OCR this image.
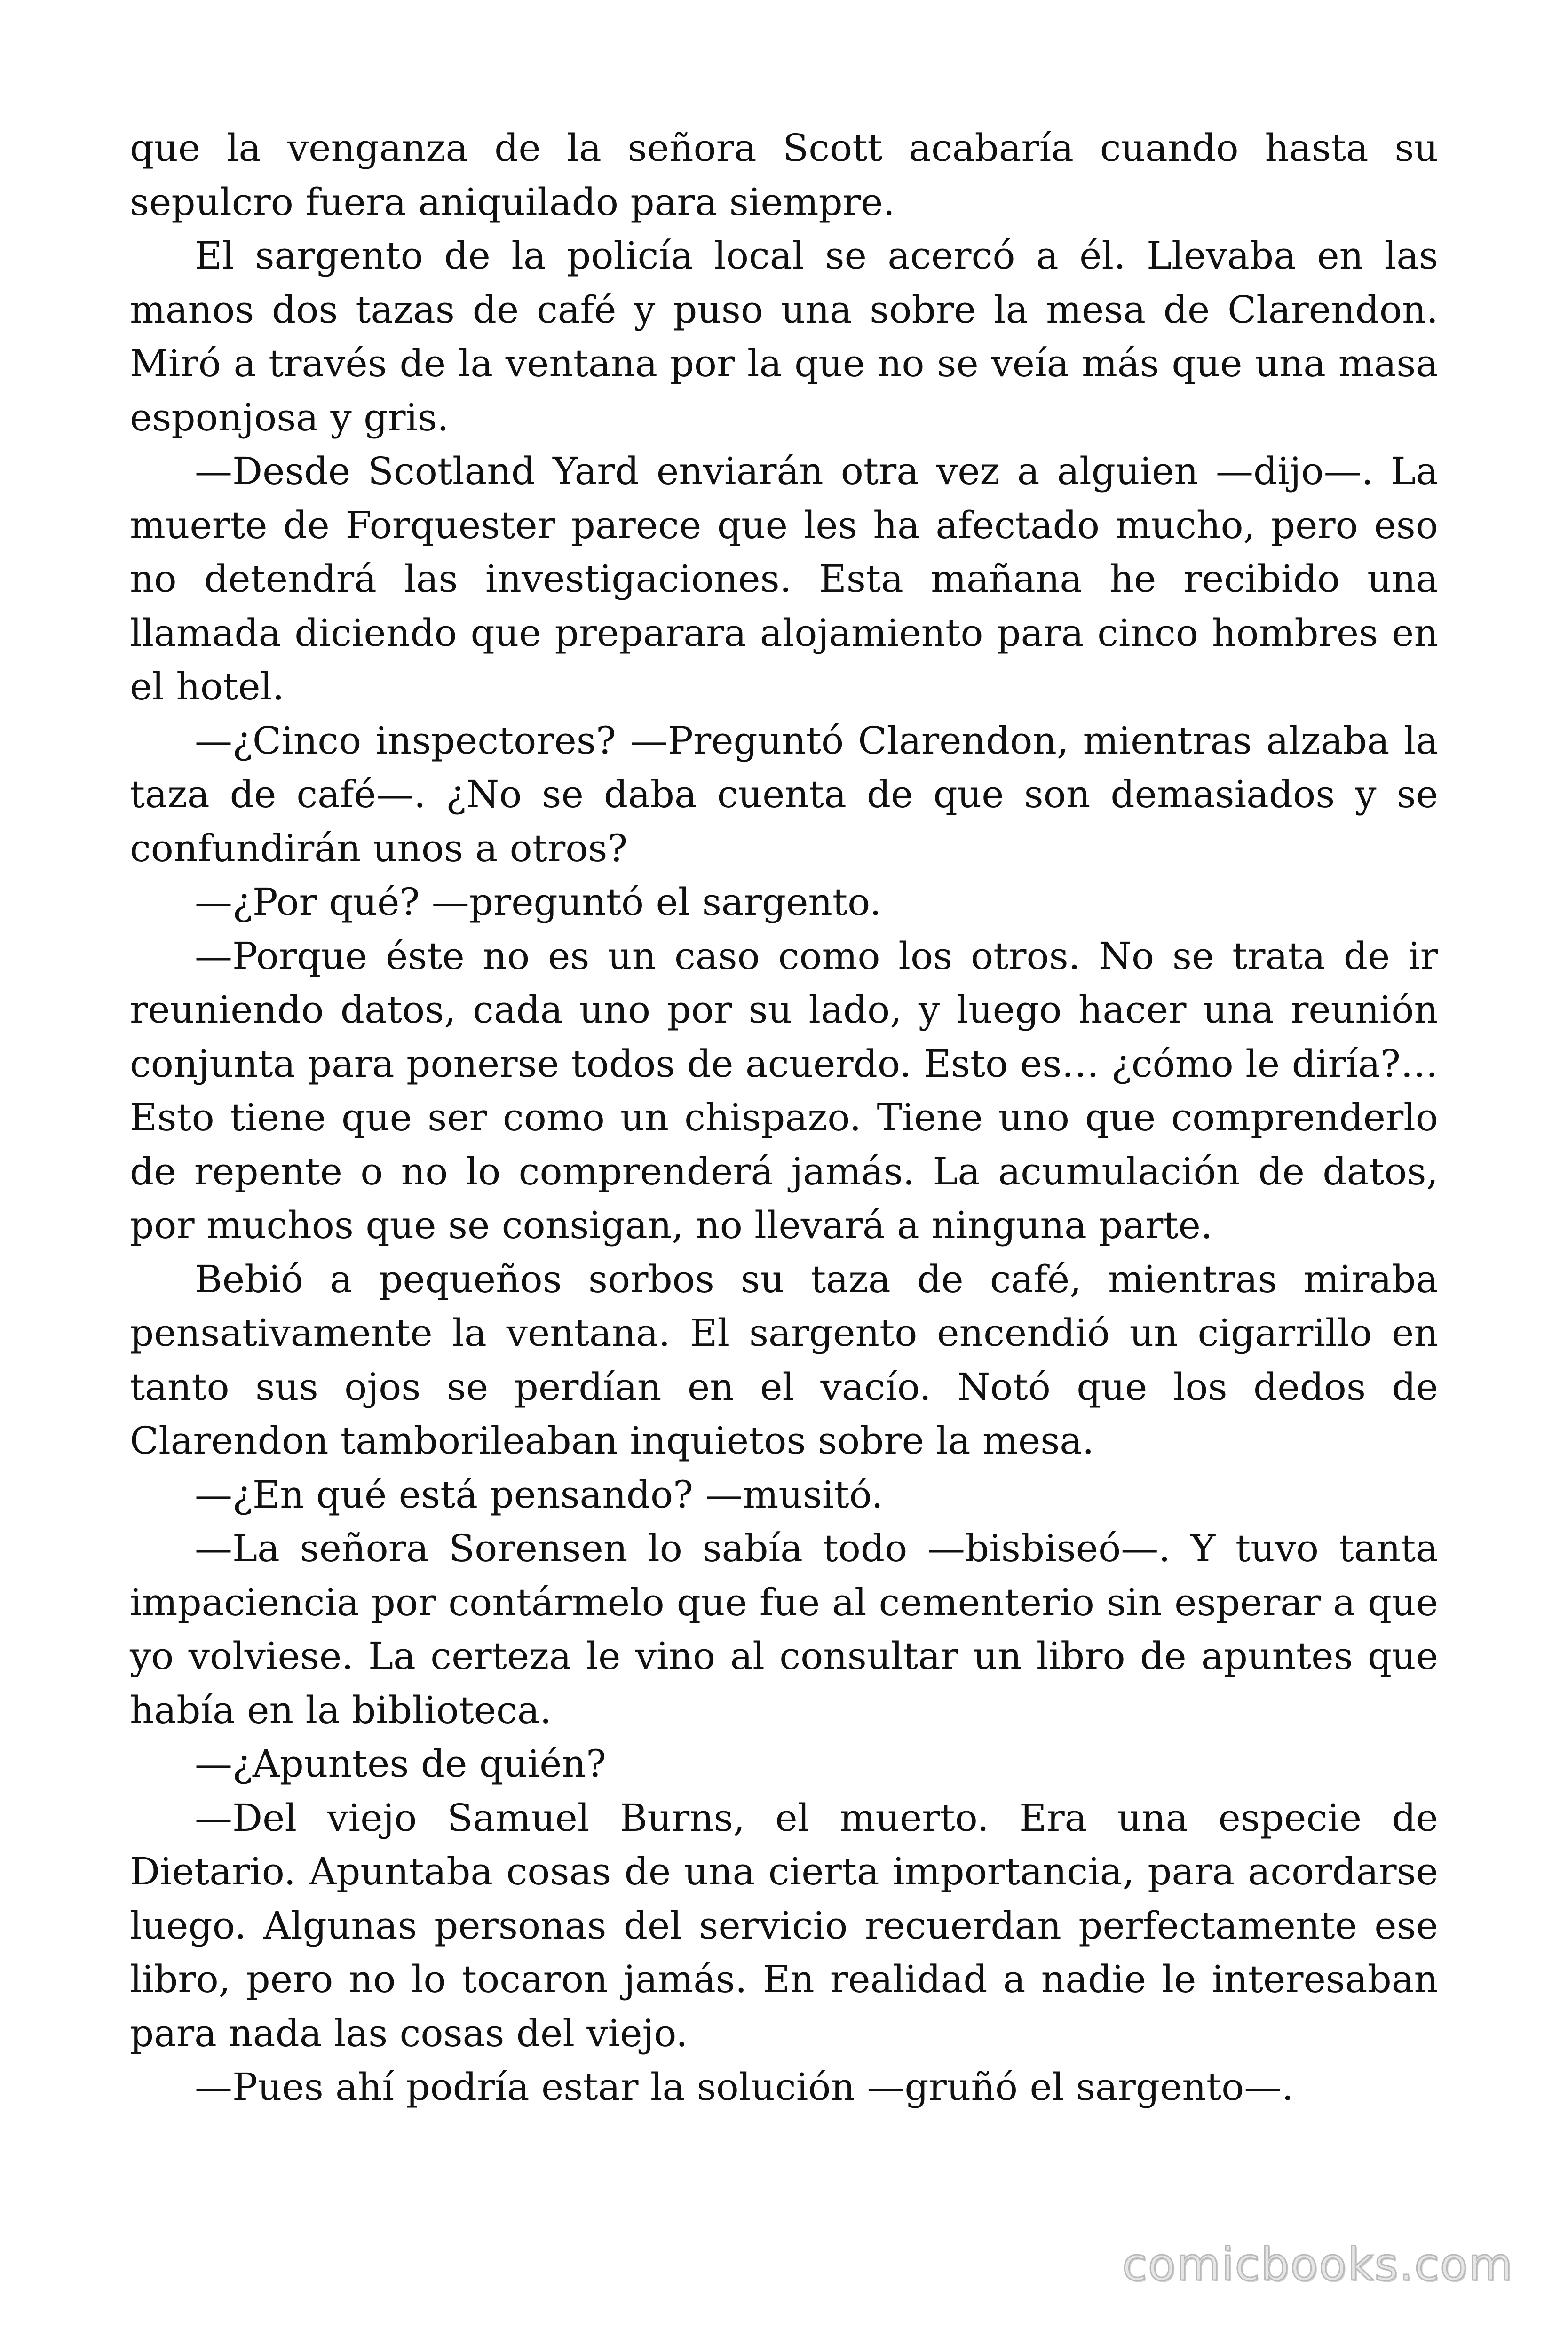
que la venganza de la señora Scott acabaría cuando hasta su sepulcro fuera aniquilado para siempre.

El sargento de la policía local se acercó a él. Llevaba en las manos dos tazas de café y puso una sobre la mesa de Clarendon. Miró a través de la ventana por la que no se veía más que una masa esponjosa y gris.

—Desde Scotland Yard enviarán otra vez a alguien —dijo—. La muerte de Forquester parece que les ha afectado mucho, pero eso no detendrá las investigaciones. Esta mañana he recibido una llamada diciendo que preparara alojamiento para cinco hombres en el hotel.

—¿Cinco inspectores? —Preguntó Clarendon, mientras alzaba la taza de café—. ¿No se daba cuenta de que son demasiados y se confundirán unos a otros?

—¿Por qué? —preguntó el sargento.

—Porque éste no es un caso como los otros. No se trata de ir reuniendo datos, cada uno por su lado, y luego hacer una reunión conjunta para ponerse todos de acuerdo. Esto es… ¿cómo le diría?… Esto tiene que ser como un chispazo. Tiene uno que comprenderlo de repente o no lo comprenderá jamás. La acumulación de datos, por muchos que se consigan, no llevará a ninguna parte.

Bebió a pequeños sorbos su taza de café, mientras miraba pensativamente la ventana. El sargento encendió un cigarrillo en tanto sus ojos se perdían en el vacío. Notó que los dedos de Clarendon tamborileaban inquietos sobre la mesa.

—¿En qué está pensando? —musitó.

—La señora Sorensen lo sabía todo —bisbiseó—. Y tuvo tanta impaciencia por contármelo que fue al cementerio sin esperar a que yo volviese. La certeza le vino al consultar un libro de apuntes que había en la biblioteca.

—¿Apuntes de quién?

—Del viejo Samuel Burns, el muerto. Era una especie de Dietario. Apuntaba cosas de una cierta importancia, para acordarse luego. Algunas personas del servicio recuerdan perfectamente ese libro, pero no lo tocaron jamás. En realidad a nadie le interesaban para nada las cosas del viejo.

—Pues ahí podría estar la solución —gruñó el sargento—.

comicbooks.com
